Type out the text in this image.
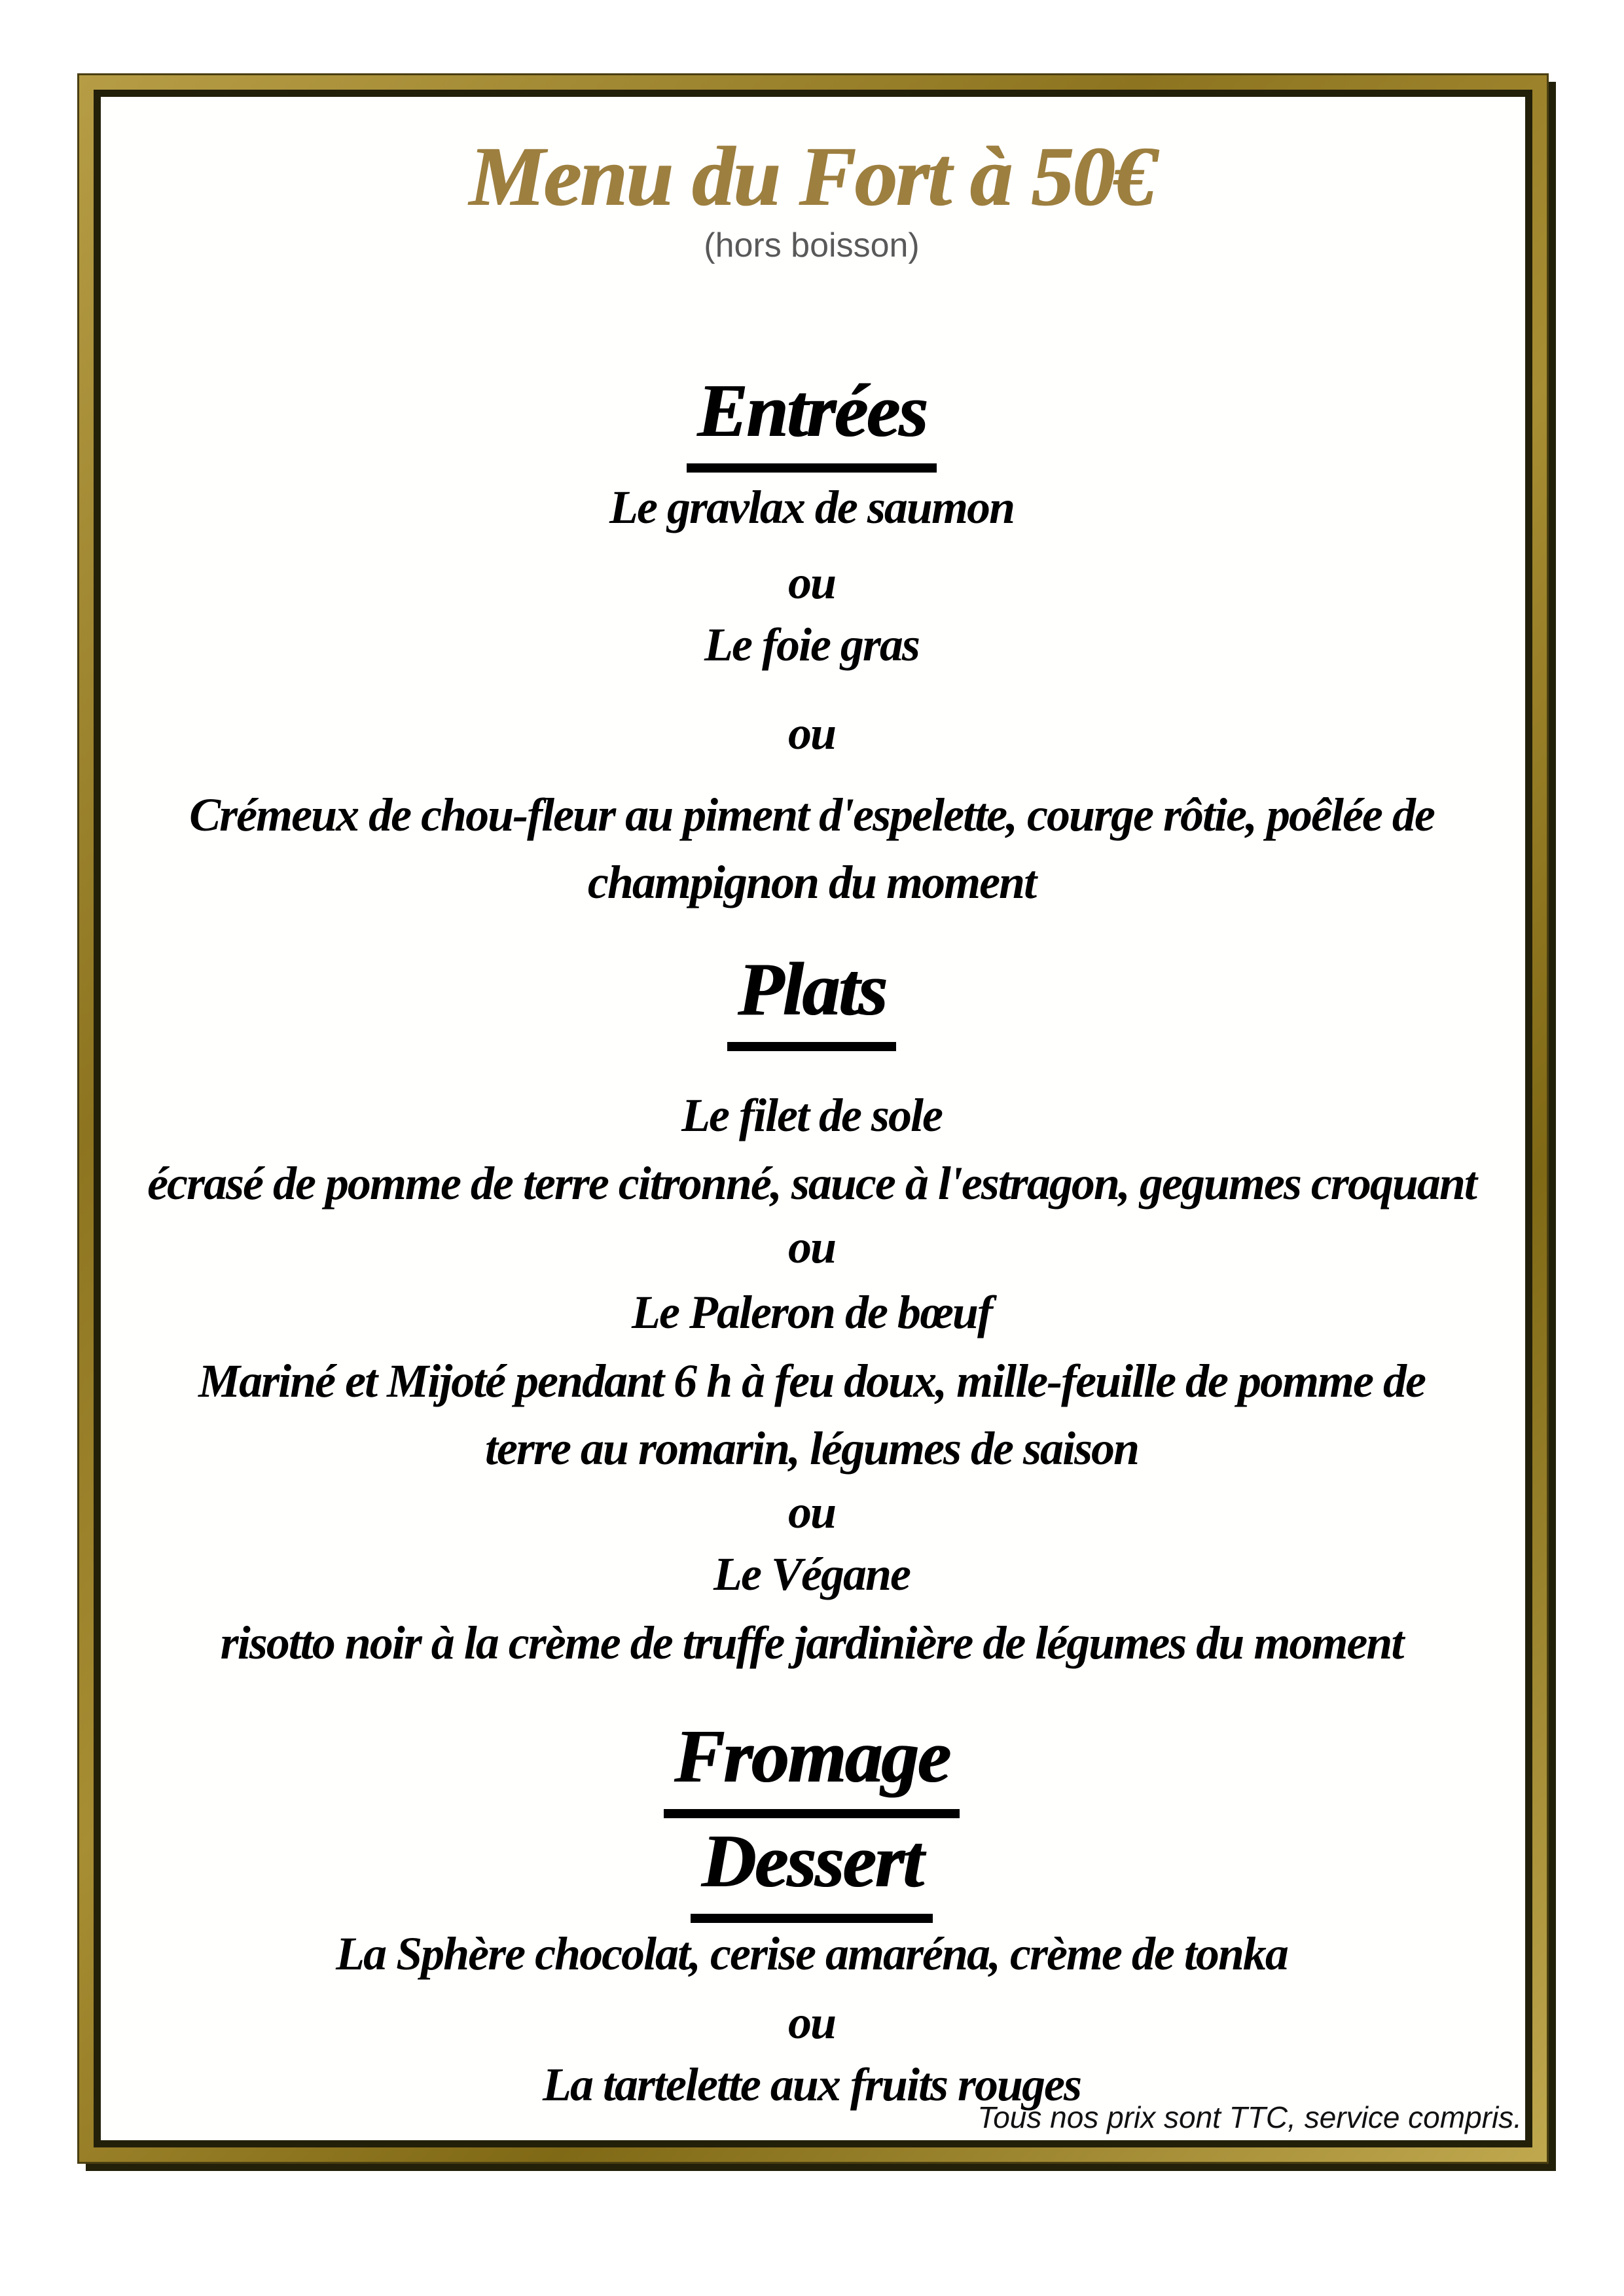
Menu du Fort à 50€
(hors boisson)
Tous nos prix sont TTC, service compris.
Entrées
Le gravlax de saumon
ou
Le foie gras
ou
Crémeux de chou-fleur au piment d'espelette, courge rôtie, poêlée de
champignon du moment
Plats
Le filet de sole
écrasé de pomme de terre citronné, sauce à l'estragon, gegumes croquant
ou
Le Paleron de bœuf
Mariné et Mijoté pendant 6 h à feu doux, mille-feuille de pomme de
terre au romarin, légumes de saison
ou
Le Végane
risotto noir à la crème de truffe jardinière de légumes du moment
Fromage
Dessert
La Sphère chocolat, cerise amaréna, crème de tonka
ou
La tartelette aux fruits rouges
